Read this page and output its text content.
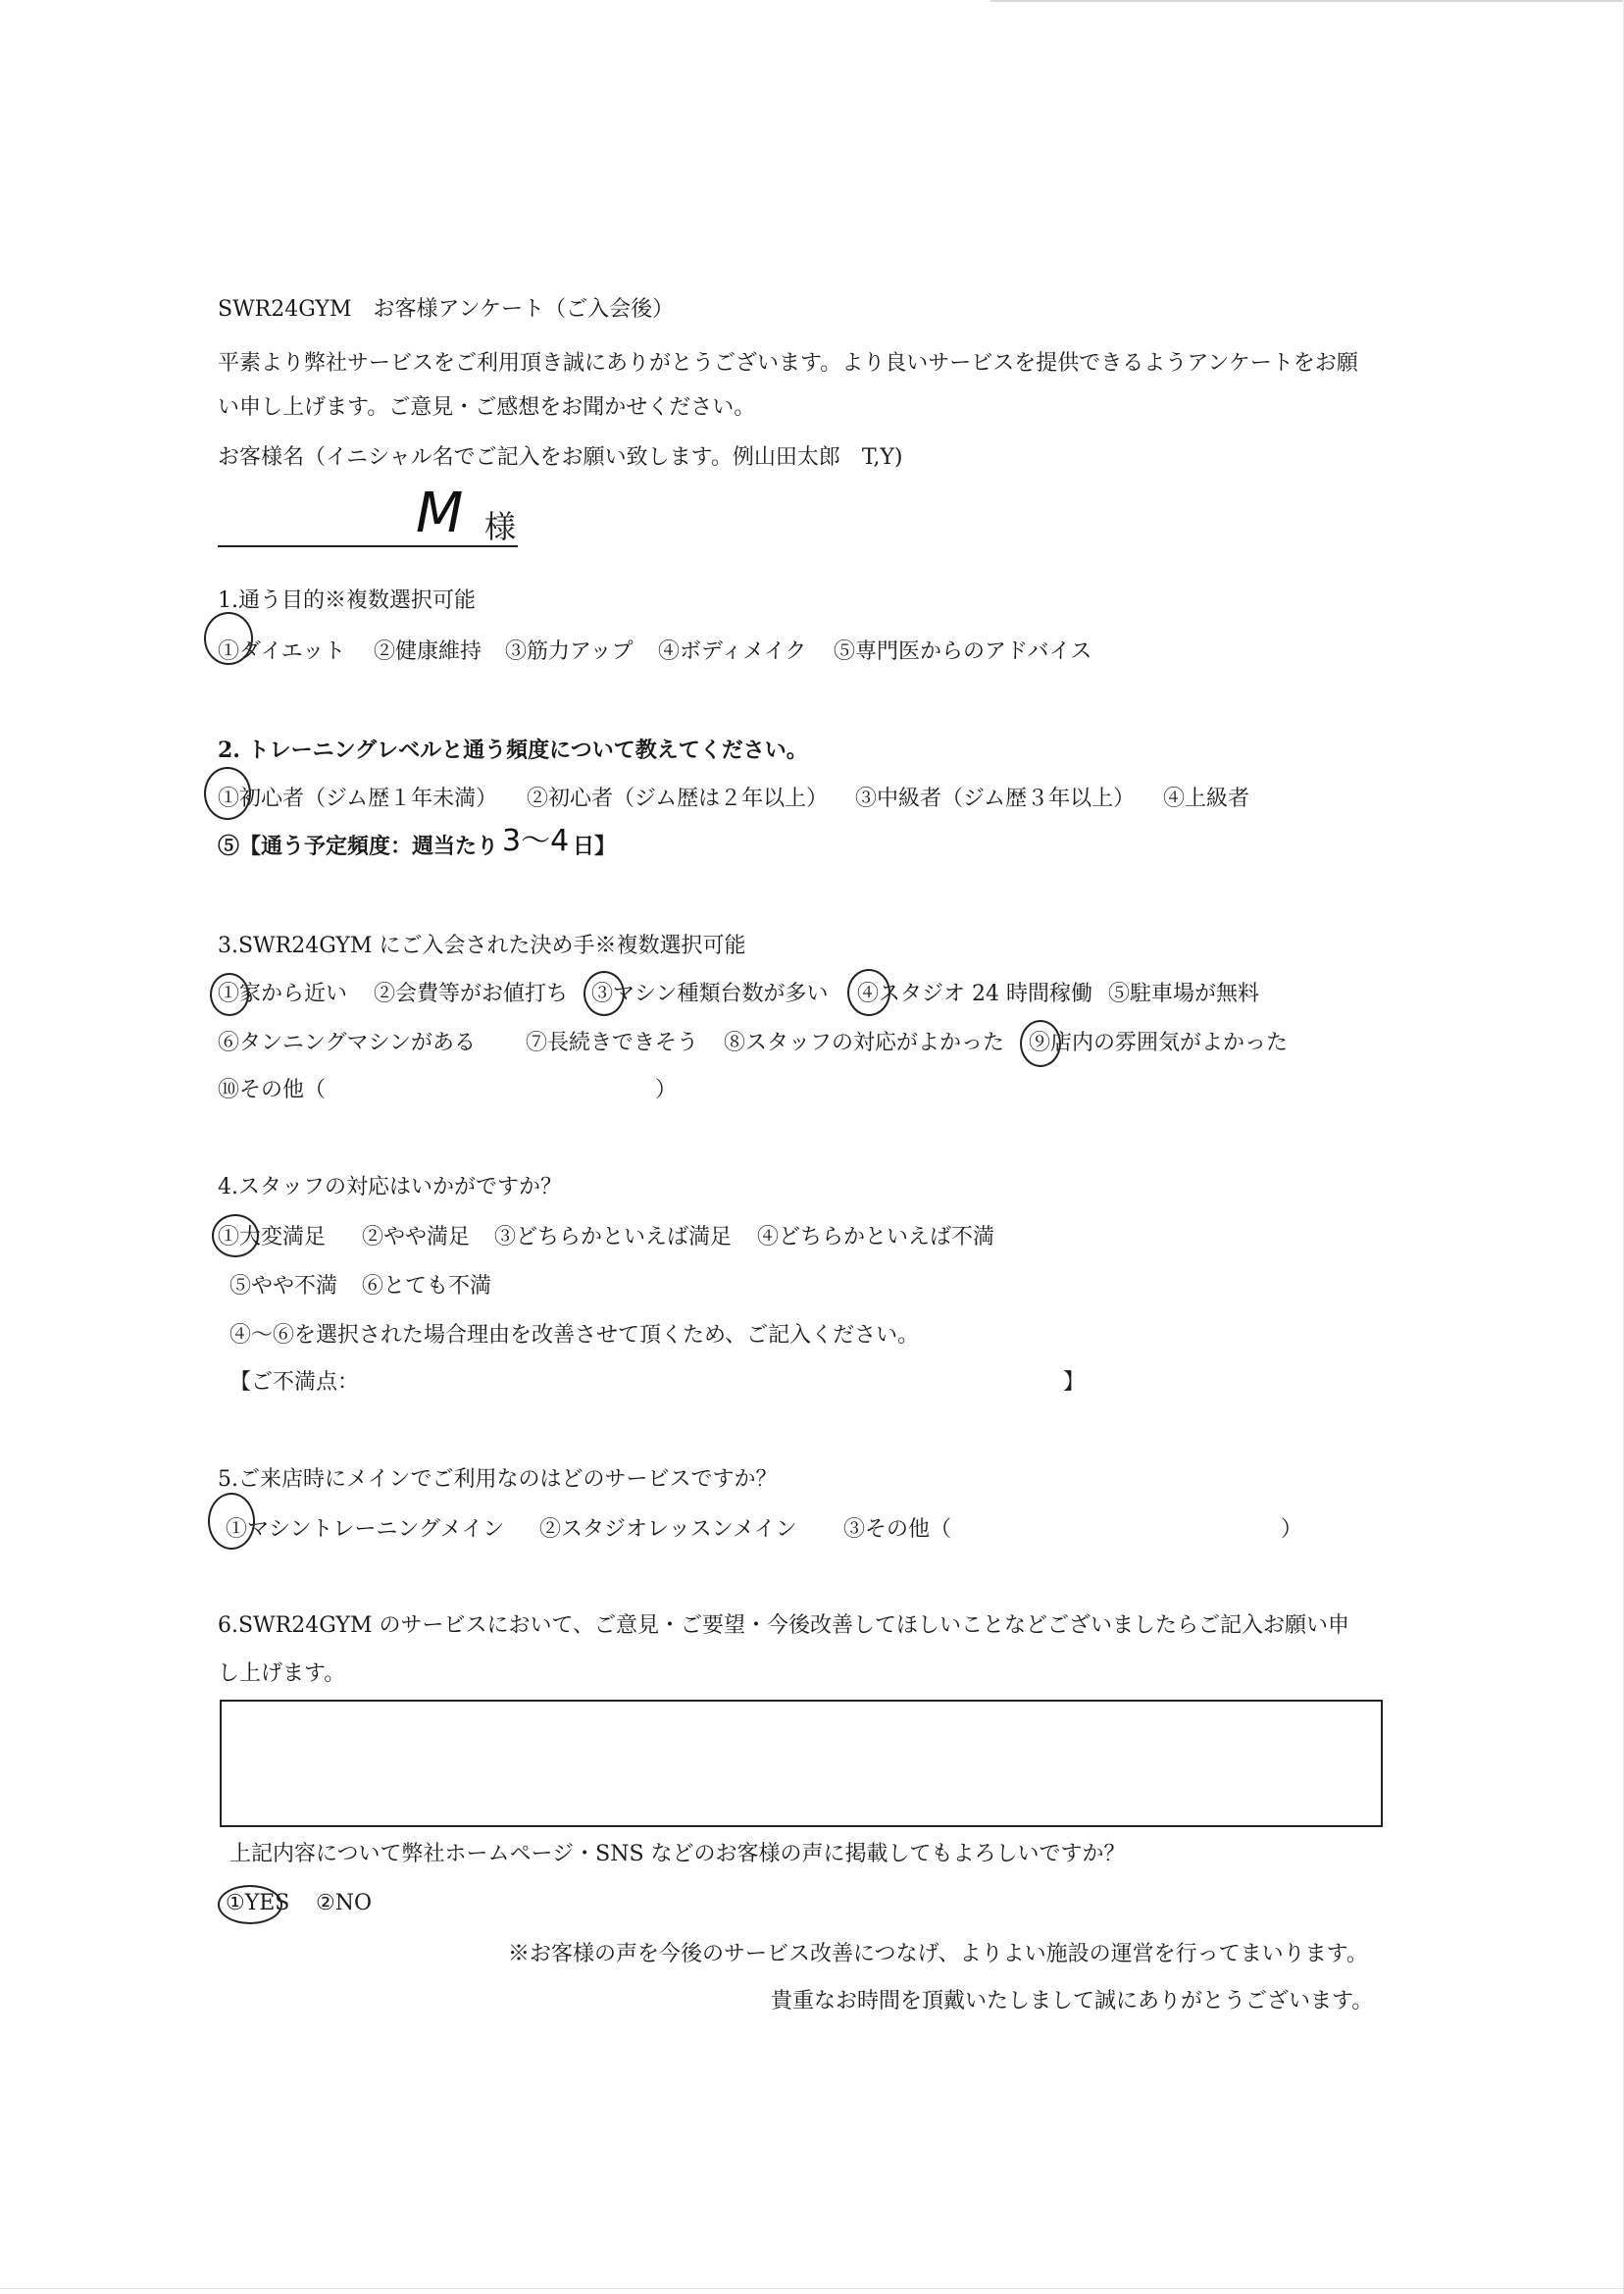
SWR24GYM　お客様アンケート（ご入会後）
平素より弊社サービスをご利用頂き誠にありがとうございます。より良いサービスを提供できるようアンケートをお願
い申し上げます。ご意見・ご感想をお聞かせください。
お客様名（イニシャル名でご記入をお願い致します。例山田太郎　T,Y)
M 様
1.通う目的※複数選択可能
①ダイエット ②健康維持 ③筋力アップ ④ボディメイク ⑤専門医からのアドバイス
2. トレーニングレベルと通う頻度について教えてください。
①初心者（ジム歴１年未満） ②初心者（ジム歴は２年以上） ③中級者（ジム歴３年以上） ④上級者
⑤【通う予定頻度：週当たり 3〜4 日】
3.SWR24GYM にご入会された決め手※複数選択可能
①家から近い ②会費等がお値打ち ③マシン種類台数が多い ④スタジオ 24 時間稼働 ⑤駐車場が無料
⑥タンニングマシンがある ⑦長続きできそう ⑧スタッフの対応がよかった ⑨店内の雰囲気がよかった
⑩その他（	）
4.スタッフの対応はいかがですか？
①大変満足 ②やや満足 ③どちらかといえば満足 ④どちらかといえば不満
⑤やや不満 ⑥とても不満
④〜⑥を選択された場合理由を改善させて頂くため、ご記入ください。
【ご不満点：	】
5.ご来店時にメインでご利用なのはどのサービスですか？
①マシントレーニングメイン ②スタジオレッスンメイン ③その他（	）
6.SWR24GYM のサービスにおいて、ご意見・ご要望・今後改善してほしいことなどございましたらご記入お願い申
し上げます。
上記内容について弊社ホームページ・SNS などのお客様の声に掲載してもよろしいですか？
①YES ②NO
※お客様の声を今後のサービス改善につなげ、よりよい施設の運営を行ってまいります。
貴重なお時間を頂戴いたしまして誠にありがとうございます。
